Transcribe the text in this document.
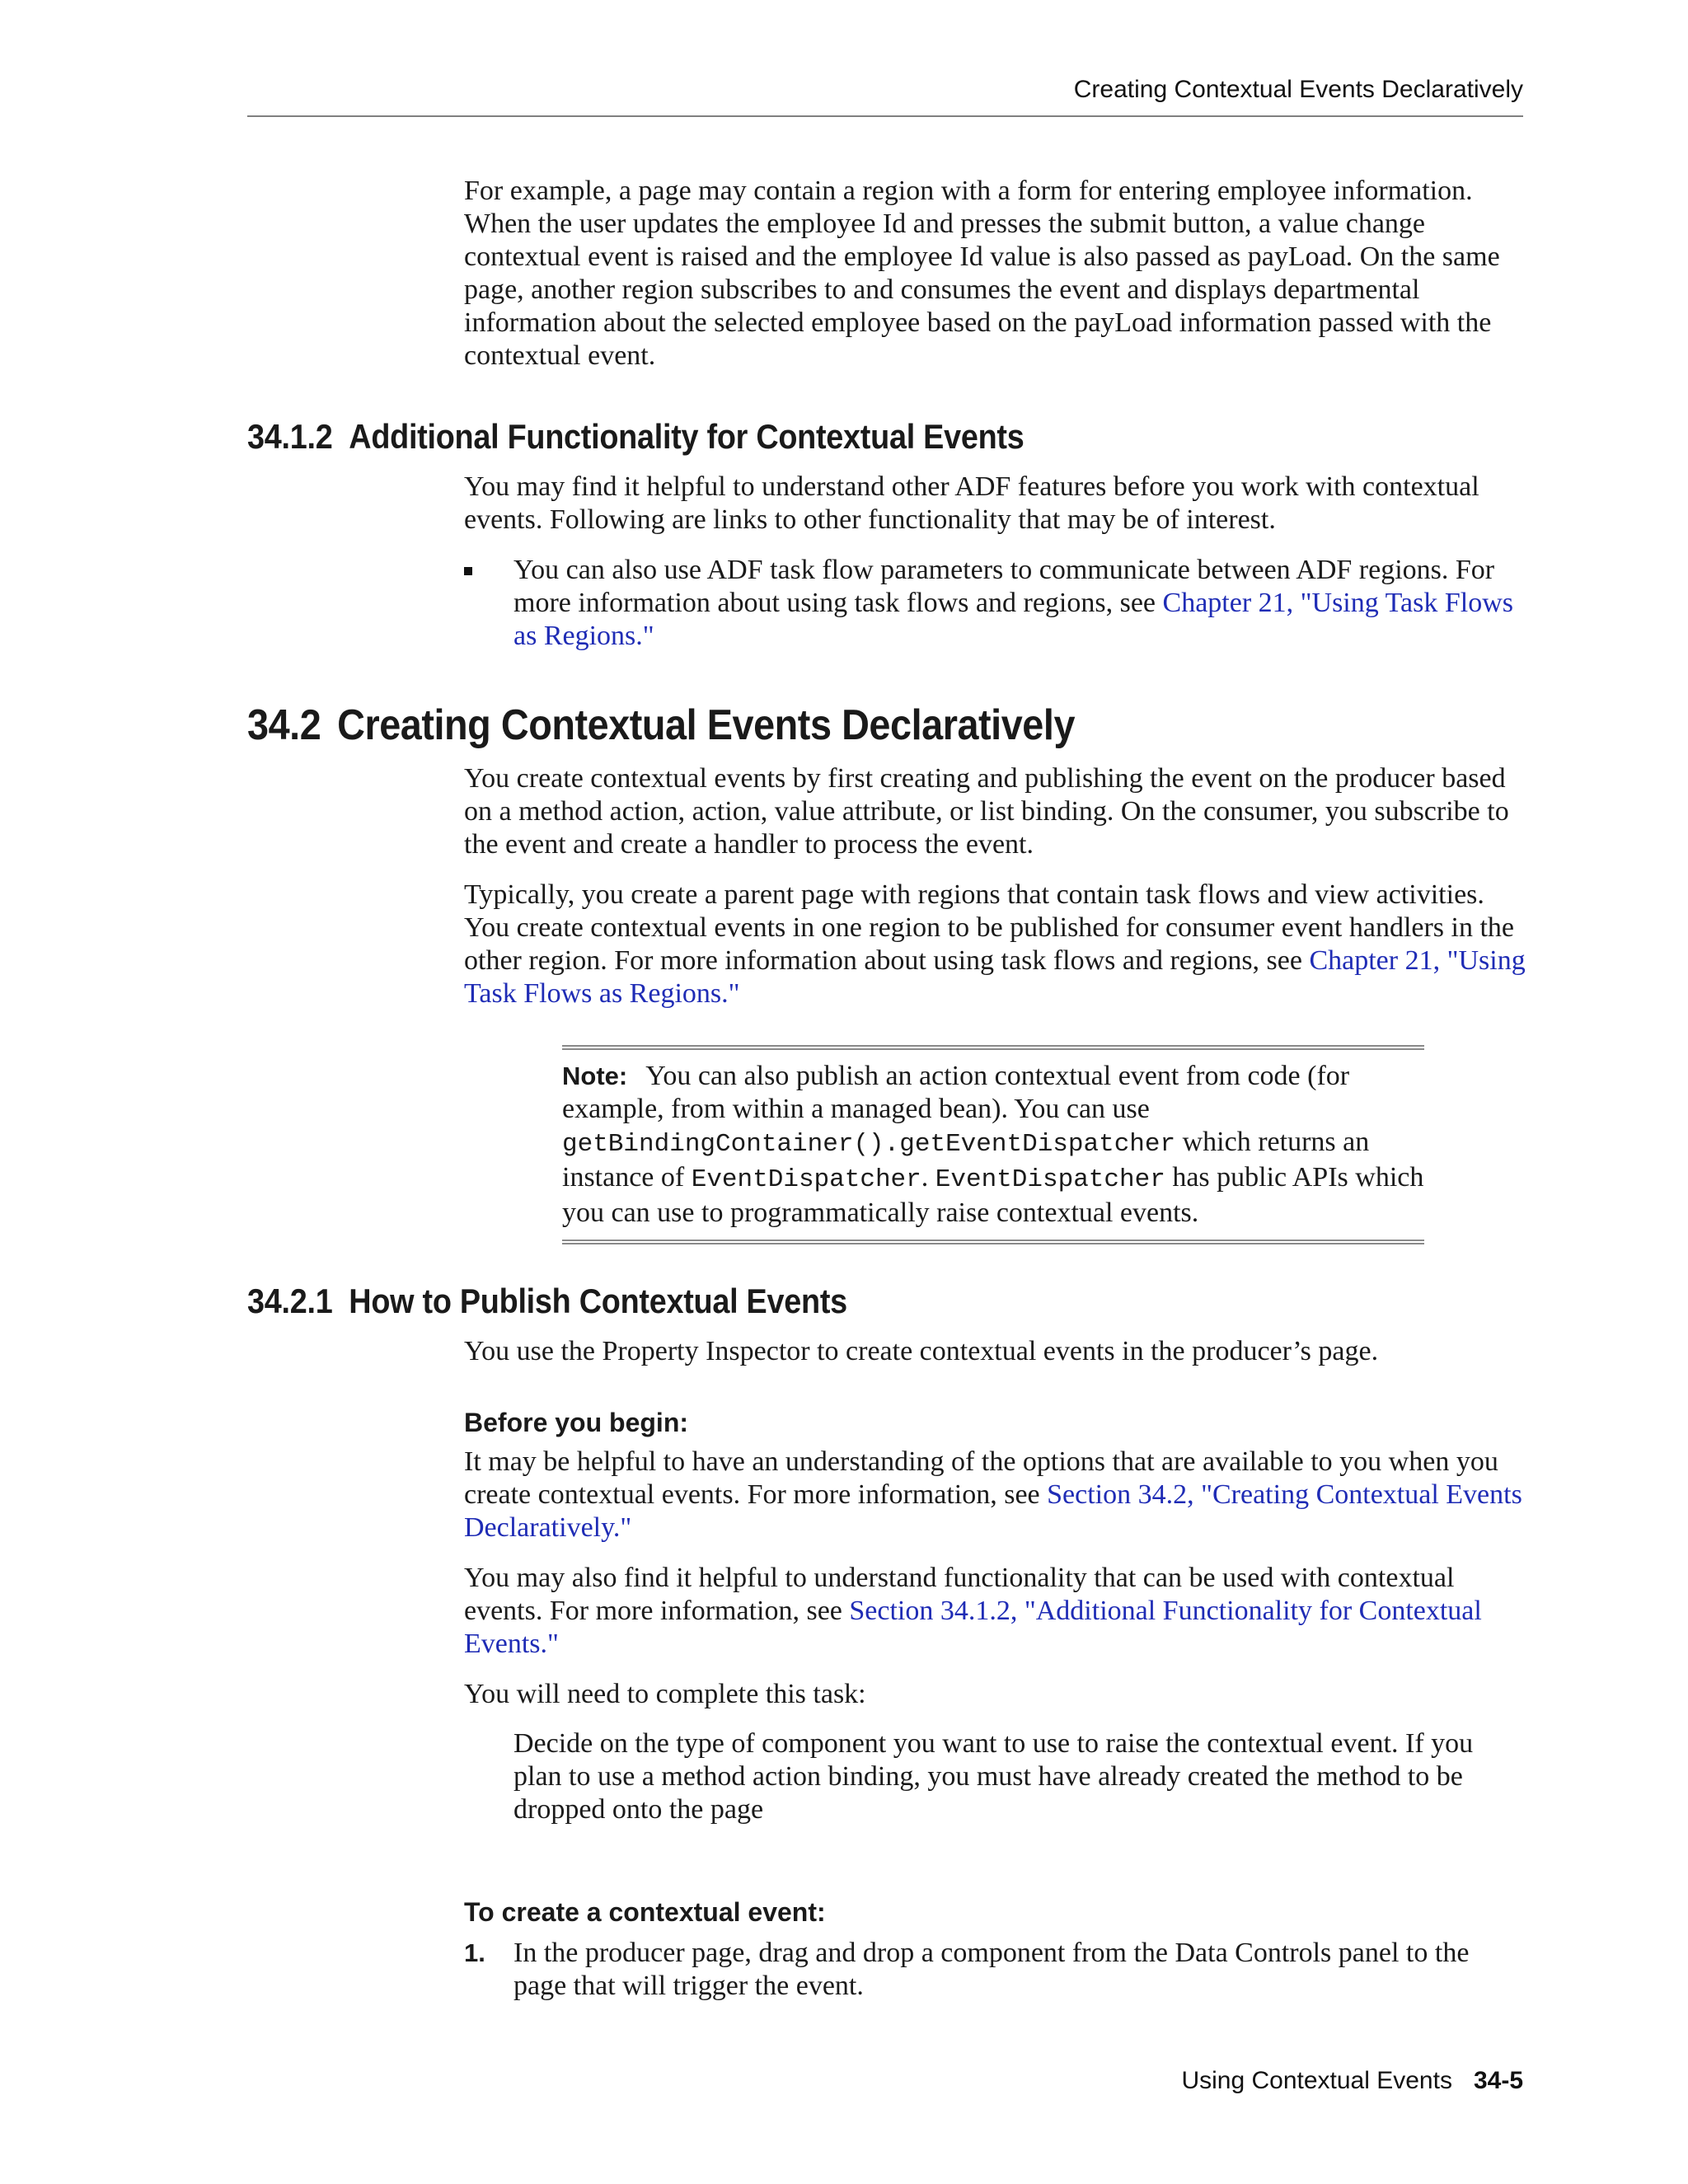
Creating Contextual Events Declaratively

For example, a page may contain a region with a form for entering employee information. When the user updates the employee Id and presses the submit button, a value change contextual event is raised and the employee Id value is also passed as payLoad. On the same page, another region subscribes to and consumes the event and displays departmental information about the selected employee based on the payLoad information passed with the contextual event.

34.1.2 Additional Functionality for Contextual Events

You may find it helpful to understand other ADF features before you work with contextual events. Following are links to other functionality that may be of interest.

You can also use ADF task flow parameters to communicate between ADF regions. For more information about using task flows and regions, see Chapter 21, "Using Task Flows as Regions."
34.2 Creating Contextual Events Declaratively

You create contextual events by first creating and publishing the event on the producer based on a method action, action, value attribute, or list binding. On the consumer, you subscribe to the event and create a handler to process the event.

Typically, you create a parent page with regions that contain task flows and view activities. You create contextual events in one region to be published for consumer event handlers in the other region. For more information about using task flows and regions, see Chapter 21, "Using Task Flows as Regions."

Note: You can also publish an action contextual event from code (for example, from within a managed bean). You can use getBindingContainer().getEventDispatcher which returns an instance of EventDispatcher. EventDispatcher has public APIs which you can use to programmatically raise contextual events.
34.2.1 How to Publish Contextual Events

You use the Property Inspector to create contextual events in the producer’s page.

Before you begin:

It may be helpful to have an understanding of the options that are available to you when you create contextual events. For more information, see Section 34.2, "Creating Contextual Events Declaratively."

You may also find it helpful to understand functionality that can be used with contextual events. For more information, see Section 34.1.2, "Additional Functionality for Contextual Events."

You will need to complete this task:

Decide on the type of component you want to use to raise the contextual event. If you plan to use a method action binding, you must have already created the method to be dropped onto the page

To create a contextual event:
1. In the producer page, drag and drop a component from the Data Controls panel to the page that will trigger the event.
Using Contextual Events 34-5
